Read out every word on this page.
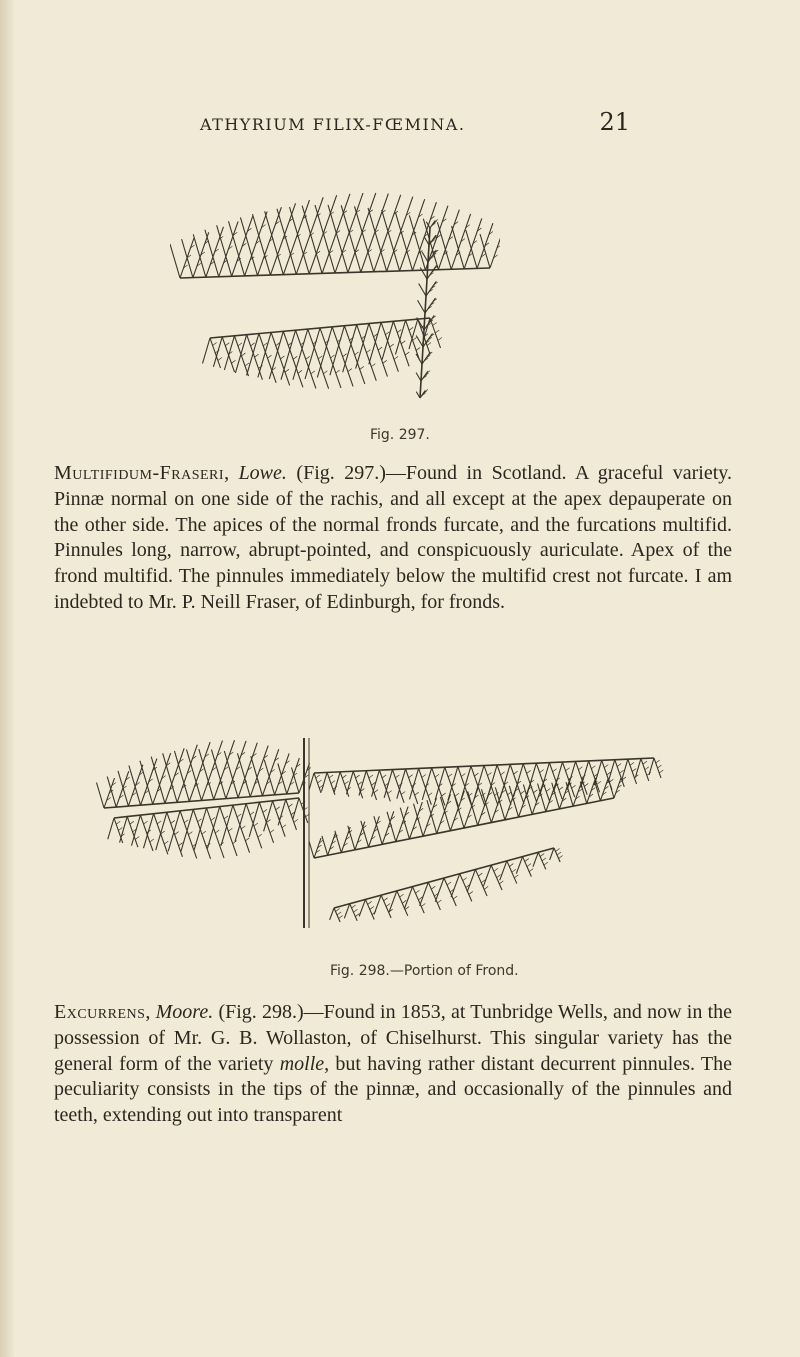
ATHYRIUM FILIX-FŒMINA.	21
Fig. 297.
Multifidum-Fraseri, Lowe. (Fig. 297.)—Found in Scotland. A graceful variety. Pinnæ normal on one side of the rachis, and all except at the apex depauperate on the other side. The apices of the normal fronds furcate, and the furcations multifid. Pinnules long, narrow, abrupt-pointed, and conspicuously auriculate. Apex of the frond multifid. The pinnules immediately below the multifid crest not furcate. I am indebted to Mr. P. Neill Fraser, of Edinburgh, for fronds.
Fig. 298.—Portion of Frond.
Excurrens, Moore. (Fig. 298.)—Found in 1853, at Tunbridge Wells, and now in the possession of Mr. G. B. Wollaston, of Chiselhurst. This singular variety has the general form of the variety molle, but having rather distant decurrent pinnules. The peculiarity consists in the tips of the pinnæ, and occasionally of the pinnules and teeth, extending out into transparent
